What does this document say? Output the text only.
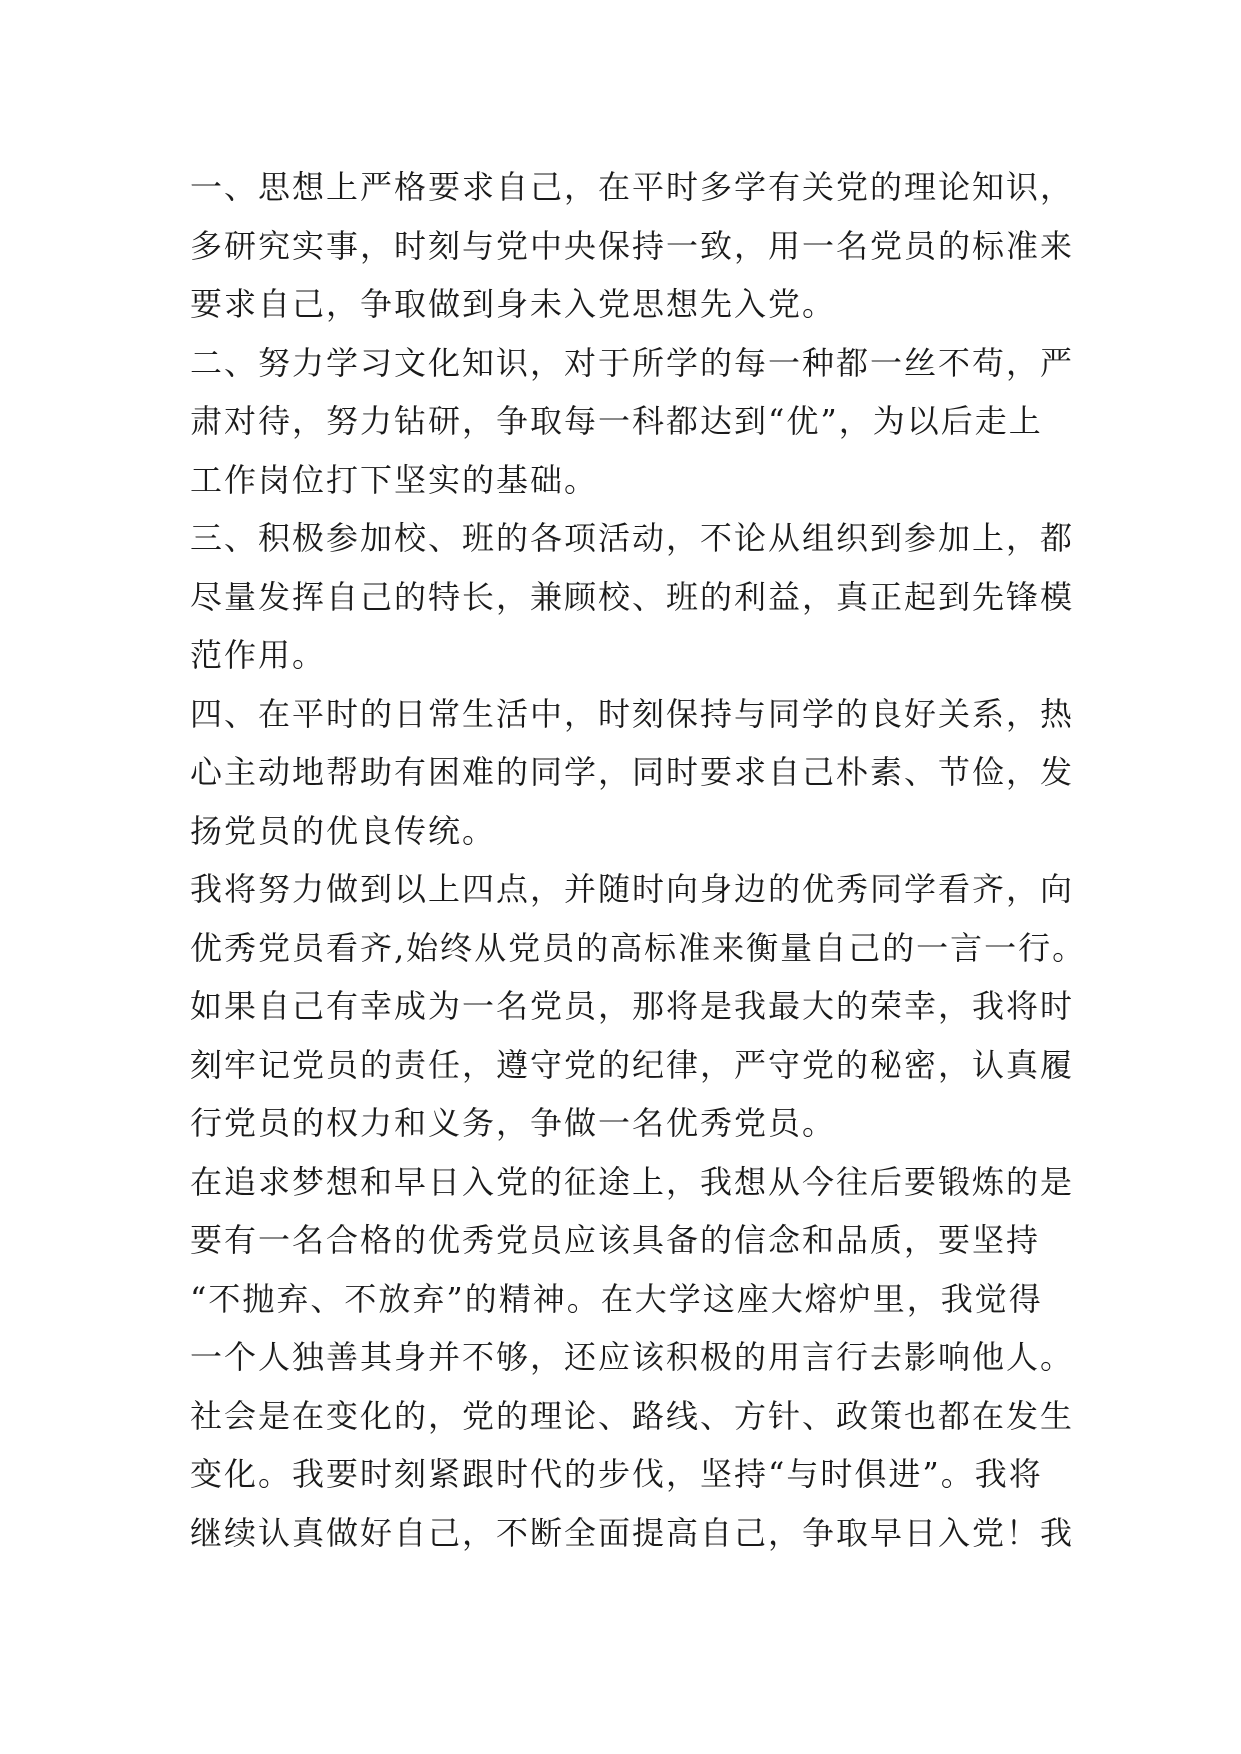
一、思想上严格要求自己，在平时多学有关党的理论知识，
多研究实事，时刻与党中央保持一致，用一名党员的标准来
要求自己，争取做到身未入党思想先入党。
二、努力学习文化知识，对于所学的每一种都一丝不苟，严
肃对待，努力钻研，争取每一科都达到“优”，为以后走上
工作岗位打下坚实的基础。
三、积极参加校、班的各项活动，不论从组织到参加上，都
尽量发挥自己的特长，兼顾校、班的利益，真正起到先锋模
范作用。
四、在平时的日常生活中，时刻保持与同学的良好关系，热
心主动地帮助有困难的同学，同时要求自己朴素、节俭，发
扬党员的优良传统。
我将努力做到以上四点，并随时向身边的优秀同学看齐，向
优秀党员看齐,始终从党员的高标准来衡量自己的一言一行。
如果自己有幸成为一名党员，那将是我最大的荣幸，我将时
刻牢记党员的责任，遵守党的纪律，严守党的秘密，认真履
行党员的权力和义务，争做一名优秀党员。
在追求梦想和早日入党的征途上，我想从今往后要锻炼的是
要有一名合格的优秀党员应该具备的信念和品质，要坚持
“不抛弃、不放弃”的精神。在大学这座大熔炉里，我觉得
一个人独善其身并不够，还应该积极的用言行去影响他人。
社会是在变化的，党的理论、路线、方针、政策也都在发生
变化。我要时刻紧跟时代的步伐，坚持“与时俱进”。我将
继续认真做好自己，不断全面提高自己，争取早日入党！我
